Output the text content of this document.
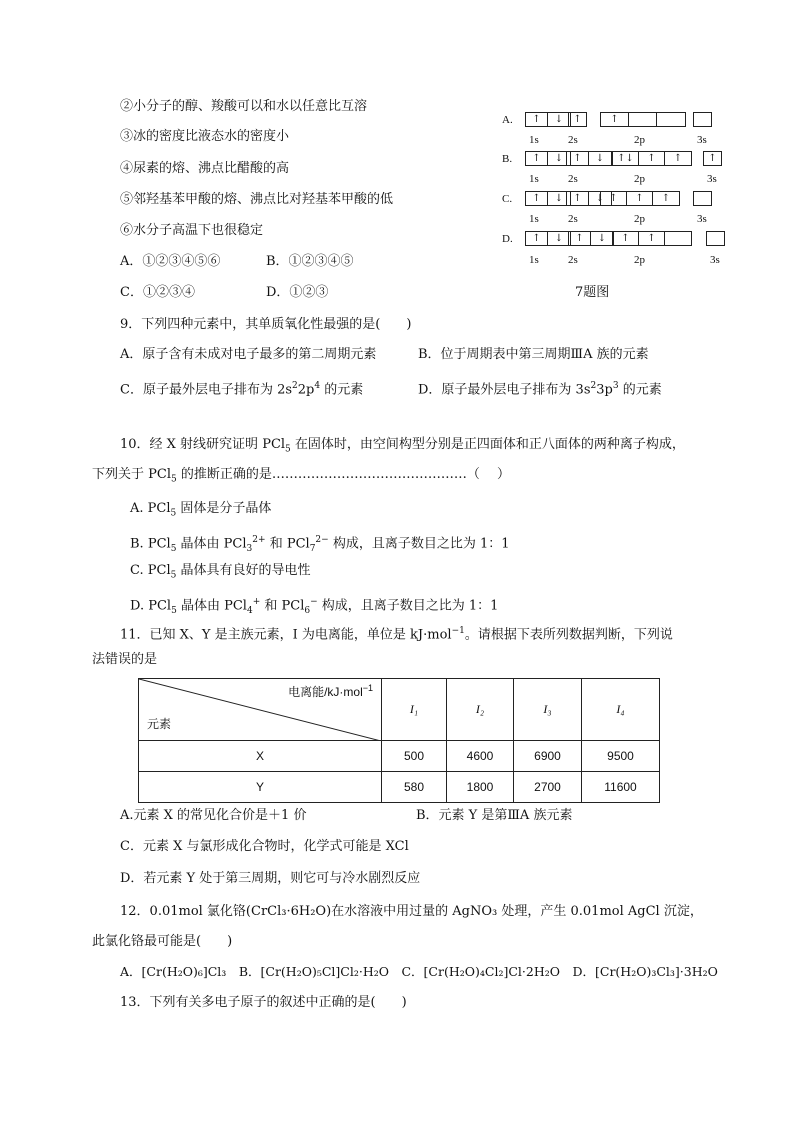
②小分子的醇、羧酸可以和水以任意比互溶
③冰的密度比液态水的密度小
④尿素的熔、沸点比醋酸的高
⑤邻羟基苯甲酸的熔、沸点比对羟基苯甲酸的低
⑥水分子高温下也很稳定
A．①②③④⑤⑥	B．①②③④⑤
C．①②③④	D．①②③
A.	↑ ↓	↑	↑
1s	2s	2p	3s
B.	↑ ↓	↑ ↓	↑↓ ↑ ↑	↑
1s	2s	2p	3s
C.	↑ ↓	↑ ↓ ↑ ↑ ↑
1s	2s	2p	3s
D.	↑ ↓	↑ ↓	↑ ↑
1s	2s	2p	3s
7题图
9．下列四种元素中，其单质氧化性最强的是(　　)
A．原子含有未成对电子最多的第二周期元素	B．位于周期表中第三周期ⅢA 族的元素
C．原子最外层电子排布为 $2s^22p^4$ 的元素	D．原子最外层电子排布为 $3s^23p^3$ 的元素
10．经 X 射线研究证明 PCl$_5$ 在固体时，由空间构型分别是正四面体和正八面体的两种离子构成，
下列关于 PCl$_5$ 的推断正确的是………………………………………（　 ）
A. PCl$_5$ 固体是分子晶体
B. PCl$_5$ 晶体由 PCl$_3^{2+}$ 和 PCl$_7^{2-}$ 构成，且离子数目之比为 1：1
C. PCl$_5$ 晶体具有良好的导电性
D. PCl$_5$ 晶体由 PCl$_4$+ 和 PCl$_6$− 构成，且离子数目之比为 1：1
11．已知 X、Y 是主族元素，I 为电离能，单位是 kJ·mol$^{-1}$。请根据下表所列数据判断，下列说
法错误的是
电离能/kJ·mol$^{-1}$
元素	I₁	I₂	I₃	I₄
X	500	4600	6900	9500
Y	580	1800	2700	11600
A.元素 X 的常见化合价是＋1 价	B．元素 Y 是第ⅢA 族元素
C．元素 X 与氯形成化合物时，化学式可能是 XCl
D．若元素 Y 处于第三周期，则它可与冷水剧烈反应
12．0.01mol 氯化铬(CrCl₃·6H₂O)在水溶液中用过量的 AgNO₃ 处理，产生 0.01mol AgCl 沉淀，
此氯化铬最可能是(　　)
A．[Cr(H₂O)₆]Cl₃　B．[Cr(H₂O)₅Cl]Cl₂·H₂O　C．[Cr(H₂O)₄Cl₂]Cl·2H₂O　D．[Cr(H₂O)₃Cl₃]·3H₂O
13．下列有关多电子原子的叙述中正确的是(　　)
